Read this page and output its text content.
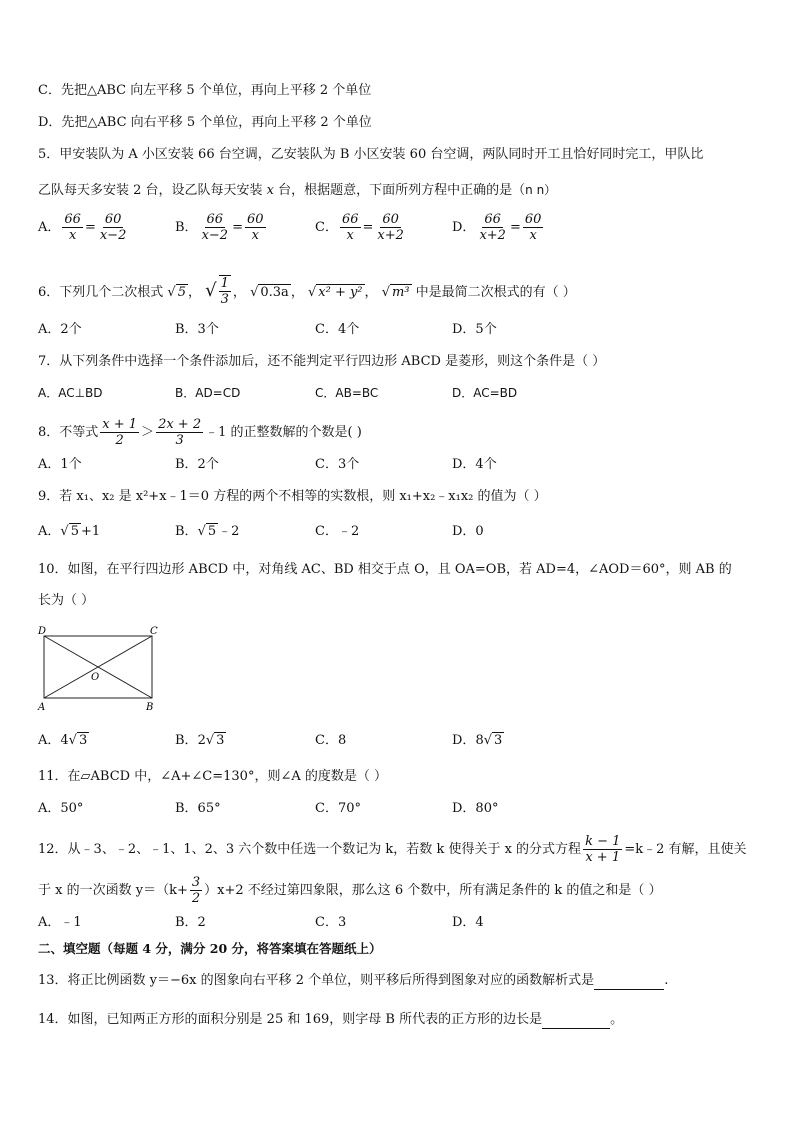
C．先把△ABC 向左平移 5 个单位，再向上平移 2 个单位
D．先把△ABC 向右平移 5 个单位，再向上平移 2 个单位
5．甲安装队为 A 小区安装 66 台空调，乙安装队为 B 小区安装 60 台空调，两队同时开工且恰好同时完工，甲队比
乙队每天多安装 2 台，设乙队每天安装 x 台，根据题意，下面所列方程中正确的是（n n）
A． $\frac{66}{x} = \frac{60}{x-2}$	B． $\frac{66}{x-2} = \frac{60}{x}$	C． $\frac{66}{x} = \frac{60}{x+2}$	D． $\frac{66}{x+2} = \frac{60}{x}$
6．下列几个二次根式 √ 5 ， √ $\frac{1}{3}$ ， √ 0.3a ， √ x² + y² ， √ m³ 中是最简二次根式的有（ ）
A．2个	B．3个	C．4个	D．5个
7．从下列条件中选择一个条件添加后，还不能判定平行四边形 ABCD 是菱形，则这个条件是（ ）
A．AC⊥BD	B．AD=CD	C．AB=BC	D．AC=BD
8．不等式 $\frac{x + 1}{2} > \frac{2x + 2}{3}$ ﹣1 的正整数解的个数是( )
A．1个	B．2个	C．3个	D．4个
9．若 x₁、x₂ 是 x²+x﹣1＝0 方程的两个不相等的实数根，则 x₁+x₂﹣x₁x₂ 的值为（ ）
A．√ 5 +1	B．√ 5 ﹣2	C．﹣2	D．0
10．如图，在平行四边形 ABCD 中，对角线 AC、BD 相交于点 O，且 OA=OB，若 AD=4，∠AOD＝60°，则 AB 的
长为（ ）
D	C
A	B
O
A．4√ 3	B．2√ 3	C．8	D．8√ 3
11．在▱ABCD 中，∠A+∠C=130°，则∠A 的度数是（ ）
A．50°	B．65°	C．70°	D．80°
12．从﹣3、﹣2、﹣1、1、2、3 六个数中任选一个数记为 k，若数 k 使得关于 x 的分式方程 $\frac{k - 1}{x + 1}$ =k﹣2 有解，且使关
于 x 的一次函数 $y=(k+ \frac{3}{2} )x+2$ 不经过第四象限，那么这 6 个数中，所有满足条件的 k 的值之和是（ ）
A．﹣1	B．2	C．3	D．4
二、填空题（每题 4 分，满分 20 分，将答案填在答题纸上）
13．将正比例函数 y＝−6x 的图象向右平移 2 个单位，则平移后所得到图象对应的函数解析式是	.
14．如图，已知两正方形的面积分别是 25 和 169，则字母 B 所代表的正方形的边长是	。
